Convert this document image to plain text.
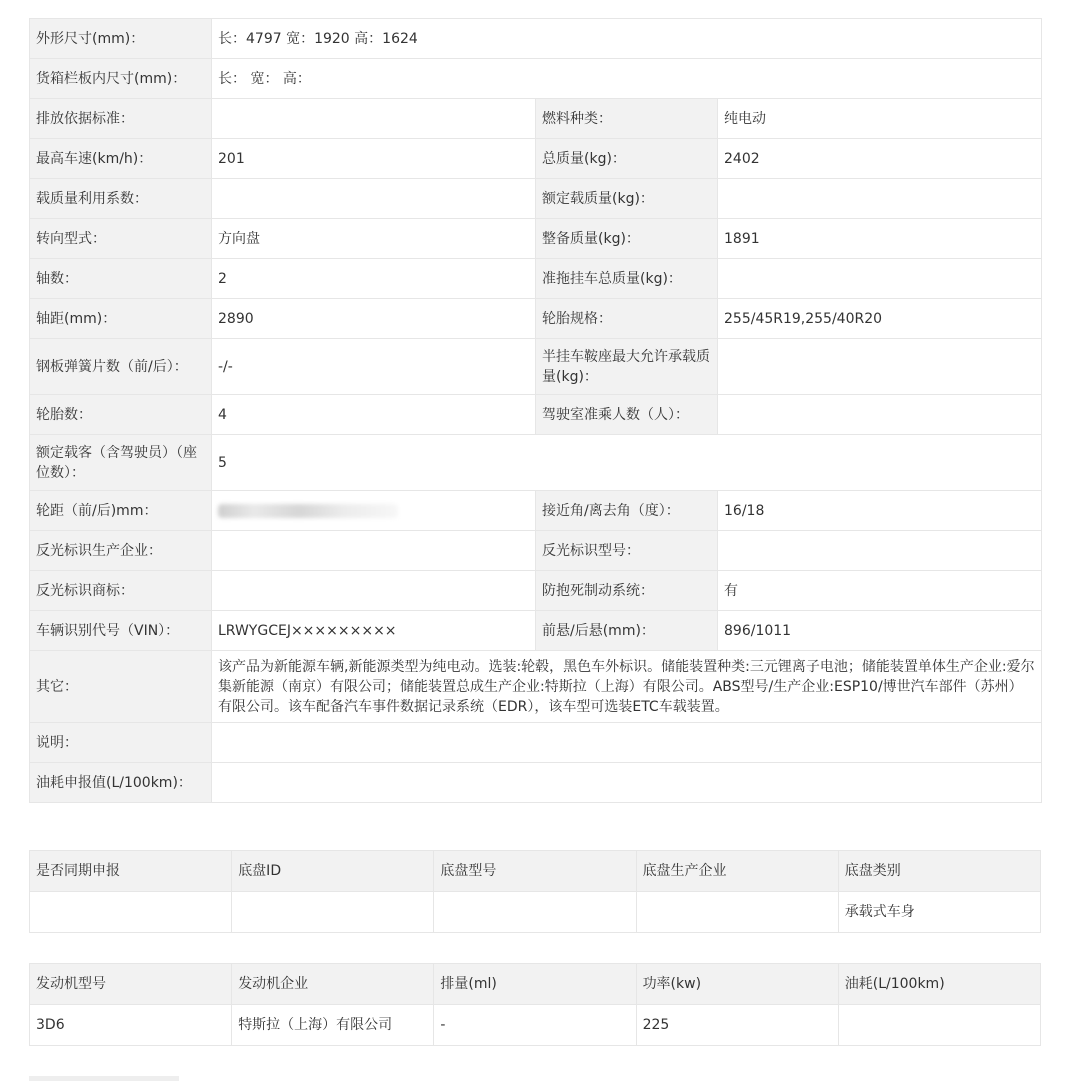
外形尺寸(mm)：	长：4797 宽：1920 高：1624		
货箱栏板内尺寸(mm)：	长： 宽： 高：		
排放依据标准：		燃料种类：	纯电动
最高车速(km/h)：	201	总质量(kg)：	2402
载质量利用系数：		额定载质量(kg)：	
转向型式：	方向盘	整备质量(kg)：	1891
轴数：	2	准拖挂车总质量(kg)：	
轴距(mm)：	2890	轮胎规格：	255/45R19,255/40R20
钢板弹簧片数（前/后）：	-/-	半挂车鞍座最大允许承载质量(kg)：	
轮胎数：	4	驾驶室准乘人数（人）：	
额定载客（含驾驶员）（座位数）：	5		
轮距（前/后)mm：		接近角/离去角（度）：	16/18
反光标识生产企业：		反光标识型号：	
反光标识商标：		防抱死制动系统：	有
车辆识别代号（VIN）：	LRWYGCEJ×××××××××	前悬/后悬(mm)：	896/1011
其它：	该产品为新能源车辆,新能源类型为纯电动。选装:轮毂，黑色车外标识。储能装置种类:三元锂离子电池；储能装置单体生产企业:爱尔集新能源（南京）有限公司；储能装置总成生产企业:特斯拉（上海）有限公司。ABS型号/生产企业:ESP10/博世汽车部件（苏州）有限公司。该车配备汽车事件数据记录系统（EDR），该车型可选装ETC车载装置。		
说明：			
油耗申报值(L/100km)：			
是否同期申报	底盘ID	底盘型号	底盘生产企业	底盘类别
				承载式车身
发动机型号	发动机企业	排量(ml)	功率(kw)	油耗(L/100km)
3D6	特斯拉（上海）有限公司	-	225	
